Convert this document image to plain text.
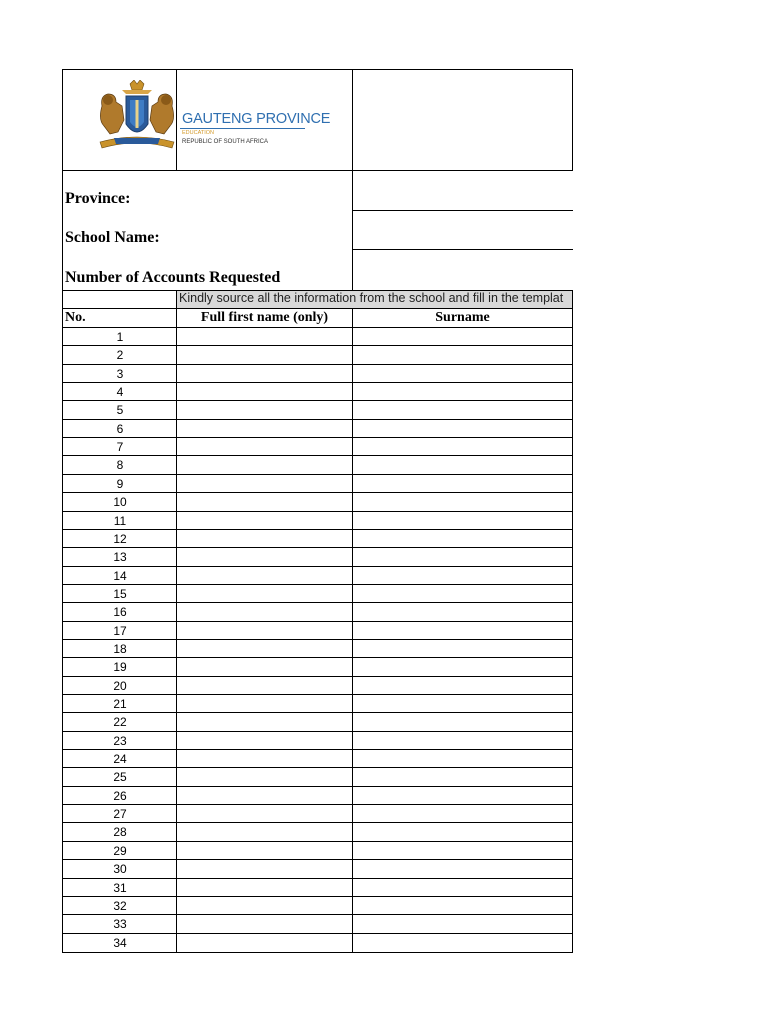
GAUTENG PROVINCE
EDUCATION
REPUBLIC OF SOUTH AFRICA
Province:
School Name:
Number of Accounts Requested
Kindly source all the information from the school and fill in the templat
No.	Full first name (only)	Surname
1
2
3
4
5
6
7
8
9
10
11
12
13
14
15
16
17
18
19
20
21
22
23
24
25
26
27
28
29
30
31
32
33
34
